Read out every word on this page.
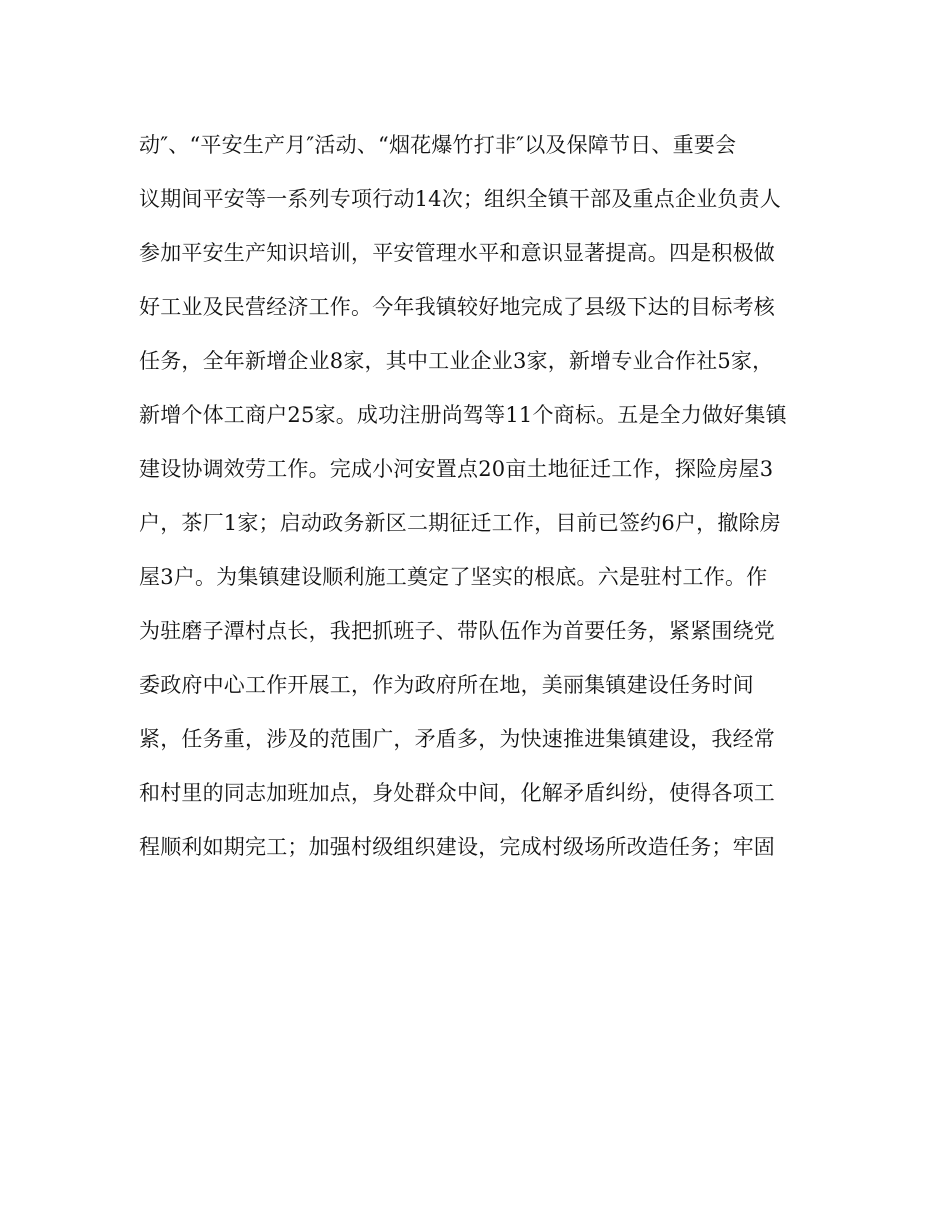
动″、“平安生产月″活动、“烟花爆竹打非″以及保障节日、重要会
议期间平安等一系列专项行动14次；组织全镇干部及重点企业负责人
参加平安生产知识培训，平安管理水平和意识显著提高。四是积极做
好工业及民营经济工作。今年我镇较好地完成了县级下达的目标考核
任务，全年新增企业8家，其中工业企业3家，新增专业合作社5家，
新增个体工商户25家。成功注册尚驾等11个商标。五是全力做好集镇
建设协调效劳工作。完成小河安置点20亩土地征迁工作，探险房屋3
户，茶厂1家；启动政务新区二期征迁工作，目前已签约6户，撤除房
屋3户。为集镇建设顺利施工奠定了坚实的根底。六是驻村工作。作
为驻磨子潭村点长，我把抓班子、带队伍作为首要任务，紧紧围绕党
委政府中心工作开展工，作为政府所在地，美丽集镇建设任务时间
紧，任务重，涉及的范围广，矛盾多，为快速推进集镇建设，我经常
和村里的同志加班加点，身处群众中间，化解矛盾纠纷，使得各项工
程顺利如期完工；加强村级组织建设，完成村级场所改造任务；牢固
